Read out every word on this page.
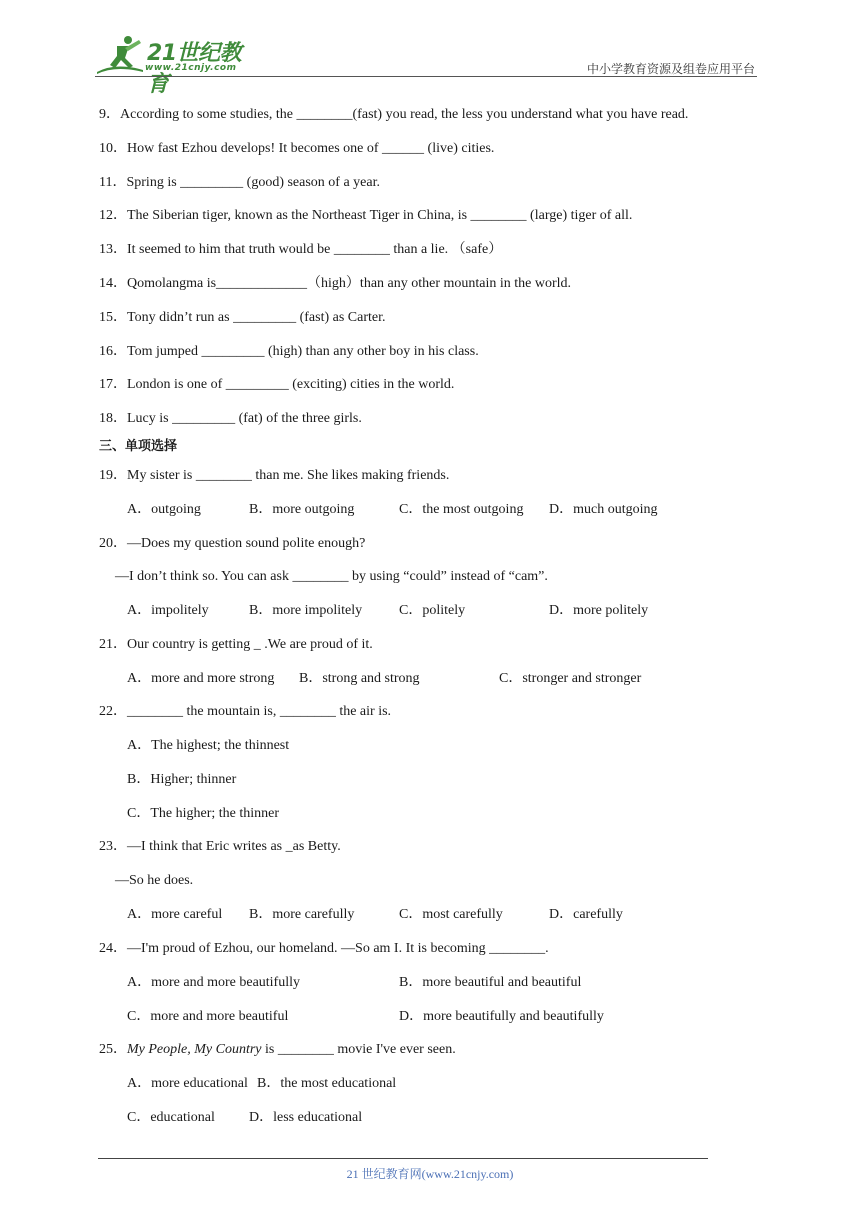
21世纪教育
www.21cnjy.com	中小学教育资源及组卷应用平台
9．According to some studies, the ________(fast) you read, the less you understand what you have read.
10．How fast Ezhou develops! It becomes one of ______ (live) cities.
11．Spring is _________ (good) season of a year.
12．The Siberian tiger, known as the Northeast Tiger in China, is ________ (large) tiger of all.
13．It seemed to him that truth would be ________ than a lie. （safe）
14．Qomolangma is_____________（high）than any other mountain in the world.
15．Tony didn’t run as _________ (fast) as Carter.
16．Tom jumped _________ (high) than any other boy in his class.
17．London is one of _________ (exciting) cities in the world.
18．Lucy is _________ (fat) of the three girls.
三、单项选择
19．My sister is ________ than me. She likes making friends.
A．outgoing	B．more outgoing	C．the most outgoing D．much outgoing
20．—Does my question sound polite enough?
—I don’t think so. You can ask ________ by using “could” instead of “cam”.
A．impolitely	B．more impolitely	C．politely	D．more politely
21．Our country is getting _ .We are proud of it.
A．more and more strong B．strong and strong	C．stronger and stronger
22．________ the mountain is, ________ the air is.
A．The highest; the thinnest
B．Higher; thinner
C．The higher; the thinner
23．—I think that Eric writes as _as Betty.
—So he does.
A．more careful B．more carefully	C．most carefully	D．carefully
24．—I'm proud of Ezhou, our homeland. —So am I. It is becoming ________.
A．more and more beautifully	B．more beautiful and beautiful
C．more and more beautiful	D．more beautifully and beautifully
25．My People, My Country is ________ movie I've ever seen.
A．more educational B．the most educational
C．educational D．less educational
21 世纪教育网(www.21cnjy.com)
